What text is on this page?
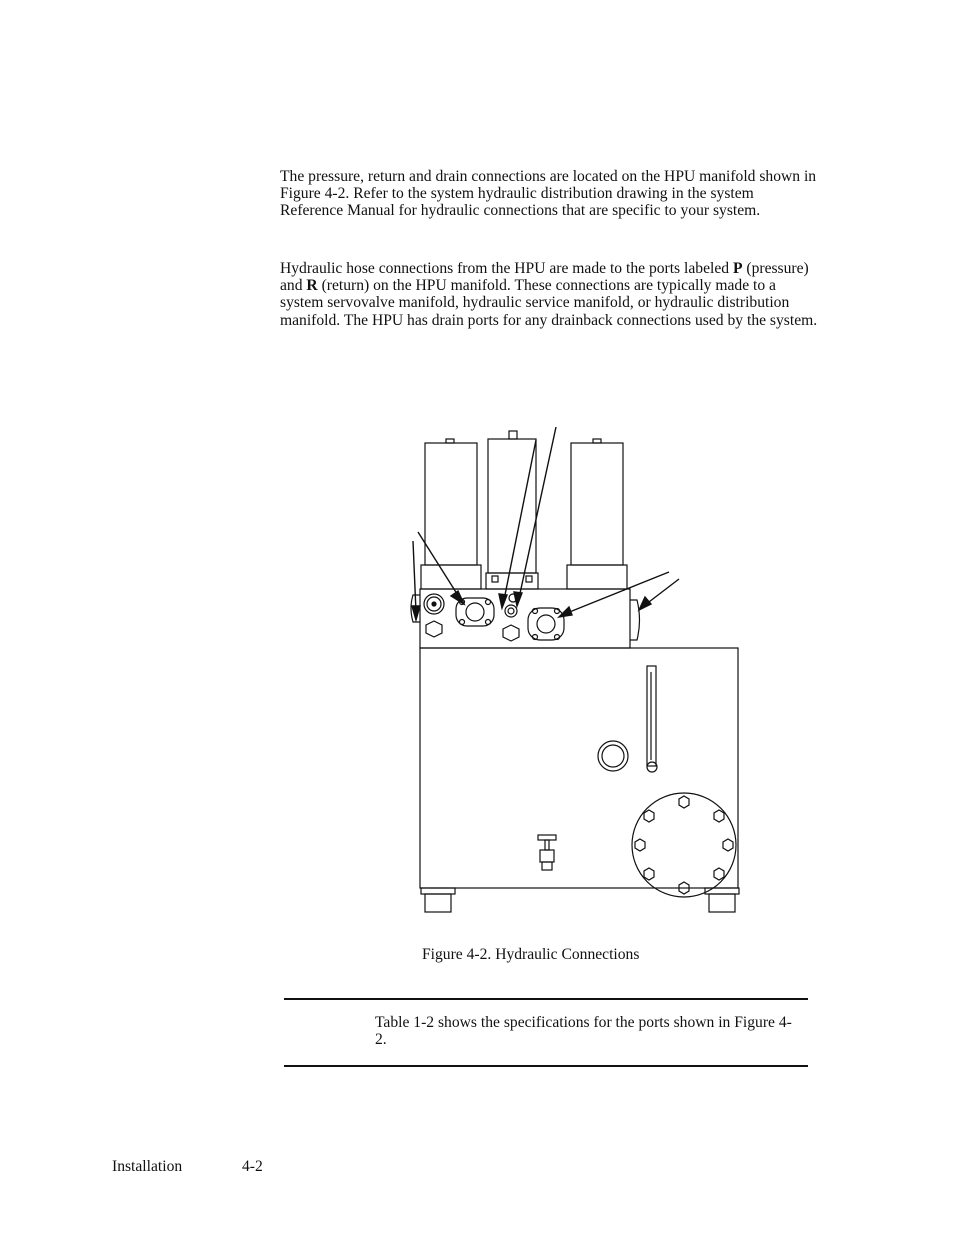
The pressure, return and drain connections are located on the HPU manifold shown in Figure 4-2. Refer to the system hydraulic distribution drawing in the system Reference Manual for hydraulic connections that are specific to your system.

Hydraulic hose connections from the HPU are made to the ports labeled P (pressure) and R (return) on the HPU manifold. These connections are typically made to a system servovalve manifold, hydraulic service manifold, or hydraulic distribution manifold. The HPU has drain ports for any drainback connections used by the system.

Figure 4-2. Hydraulic Connections

Table 1-2 shows the specifications for the ports shown in Figure 4-2.

Installation	4-2
